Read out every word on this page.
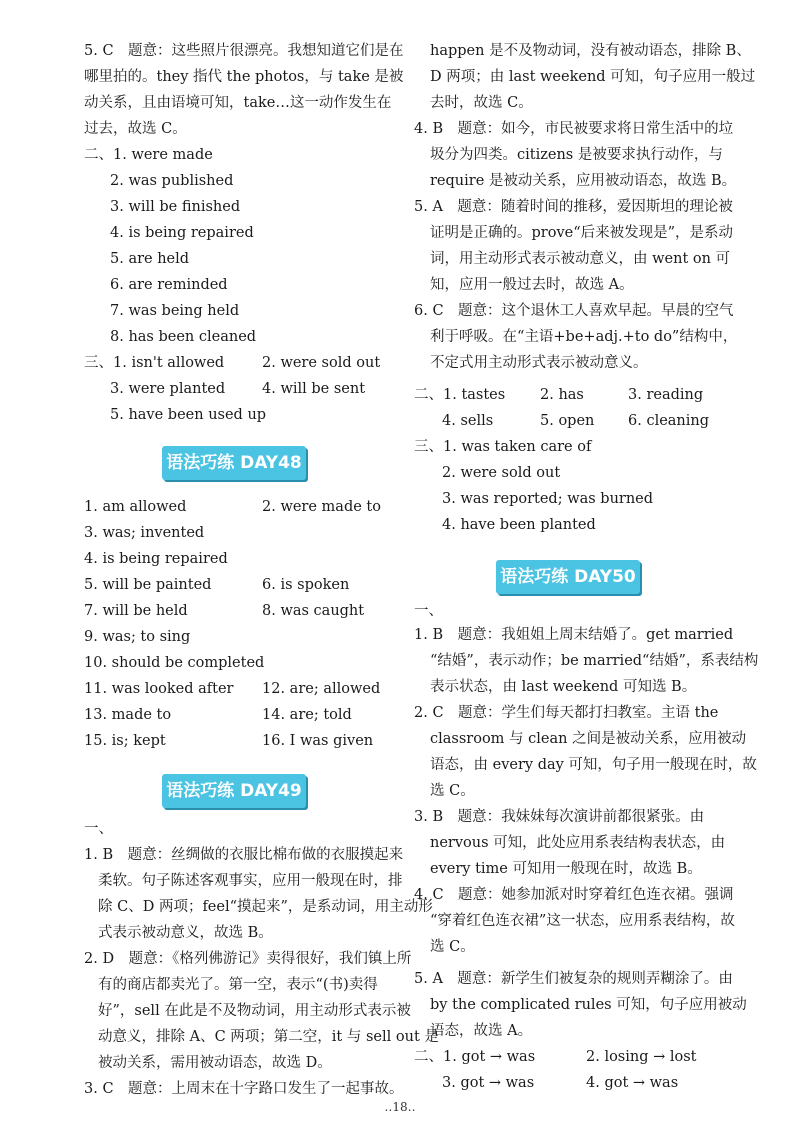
5. C　题意：这些照片很漂亮。我想知道它们是在
哪里拍的。they 指代 the photos，与 take 是被
动关系，且由语境可知，take…这一动作发生在
过去，故选 C。
二、1. were made
2. was published
3. will be finished
4. is being repaired
5. are held
6. are reminded
7. was being held
8. has been cleaned
三、1. isn't allowed	2. were sold out
3. were planted	4. will be sent
5. have been used up
语法巧练 DAY48
1. am allowed	2. were made to
3. was; invented
4. is being repaired
5. will be painted	6. is spoken
7. will be held	8. was caught
9. was; to sing
10. should be completed
11. was looked after 12. are; allowed
13. made to	14. are; told
15. is; kept	16. I was given
语法巧练 DAY49
一、
1. B　题意：丝绸做的衣服比棉布做的衣服摸起来
柔软。句子陈述客观事实，应用一般现在时，排
除 C、D 两项；feel“摸起来”，是系动词，用主动形
式表示被动意义，故选 B。
2. D　题意：《格列佛游记》卖得很好，我们镇上所
有的商店都卖光了。第一空，表示“(书)卖得
好”，sell 在此是不及物动词，用主动形式表示被
动意义，排除 A、C 两项；第二空，it 与 sell out 是
被动关系，需用被动语态，故选 D。
3. C　题意：上周末在十字路口发生了一起事故。
happen 是不及物动词，没有被动语态，排除 B、
D 两项；由 last weekend 可知，句子应用一般过
去时，故选 C。
4. B　题意：如今，市民被要求将日常生活中的垃
圾分为四类。citizens 是被要求执行动作，与
require 是被动关系，应用被动语态，故选 B。
5. A　题意：随着时间的推移，爱因斯坦的理论被
证明是正确的。prove“后来被发现是”，是系动
词，用主动形式表示被动意义，由 went on 可
知，应用一般过去时，故选 A。
6. C　题意：这个退休工人喜欢早起。早晨的空气
利于呼吸。在“主语+be+adj.+to do”结构中，
不定式用主动形式表示被动意义。
二、1. tastes 2. has	3. reading
4. sells	5. open 6. cleaning
三、1. was taken care of
2. were sold out
3. was reported; was burned
4. have been planted
语法巧练 DAY50
一、
1. B　题意：我姐姐上周末结婚了。get married
“结婚”，表示动作；be married“结婚”，系表结构
表示状态，由 last weekend 可知选 B。
2. C　题意：学生们每天都打扫教室。主语 the
classroom 与 clean 之间是被动关系，应用被动
语态，由 every day 可知，句子用一般现在时，故
选 C。
3. B　题意：我妹妹每次演讲前都很紧张。由
nervous 可知，此处应用系表结构表状态，由
every time 可知用一般现在时，故选 B。
4. C　题意：她参加派对时穿着红色连衣裙。强调
“穿着红色连衣裙”这一状态，应用系表结构，故
选 C。
5. A　题意：新学生们被复杂的规则弄糊涂了。由
by the complicated rules 可知，句子应用被动
语态，故选 A。
二、1. got → was	2. losing → lost
3. got → was	4. got → was
‥18‥
